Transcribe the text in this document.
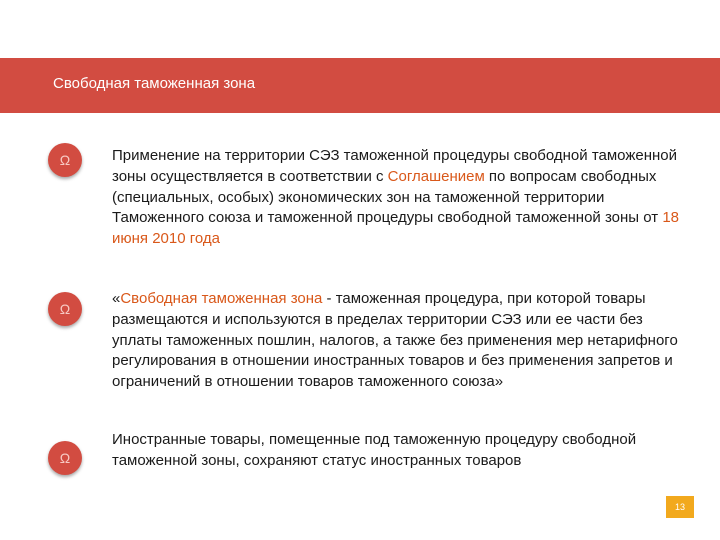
Свободная таможенная зона
Ω	Применение на территории СЭЗ таможенной процедуры свободной таможенной зоны осуществляется в соответствии с Соглашением по вопросам свободных (специальных, особых) экономических зон на таможенной территории Таможенного союза и таможенной процедуры свободной таможенной зоны от 18 июня 2010 года
Ω
«Свободная таможенная зона - таможенная процедура, при которой товары размещаются и используются в пределах территории СЭЗ или ее части без уплаты таможенных пошлин, налогов, а также без применения мер нетарифного регулирования в отношении иностранных товаров и без применения запретов и ограничений в отношении товаров таможенного союза»
Ω
Иностранные товары, помещенные под таможенную процедуру свободной таможенной зоны, сохраняют статус иностранных товаров
13
